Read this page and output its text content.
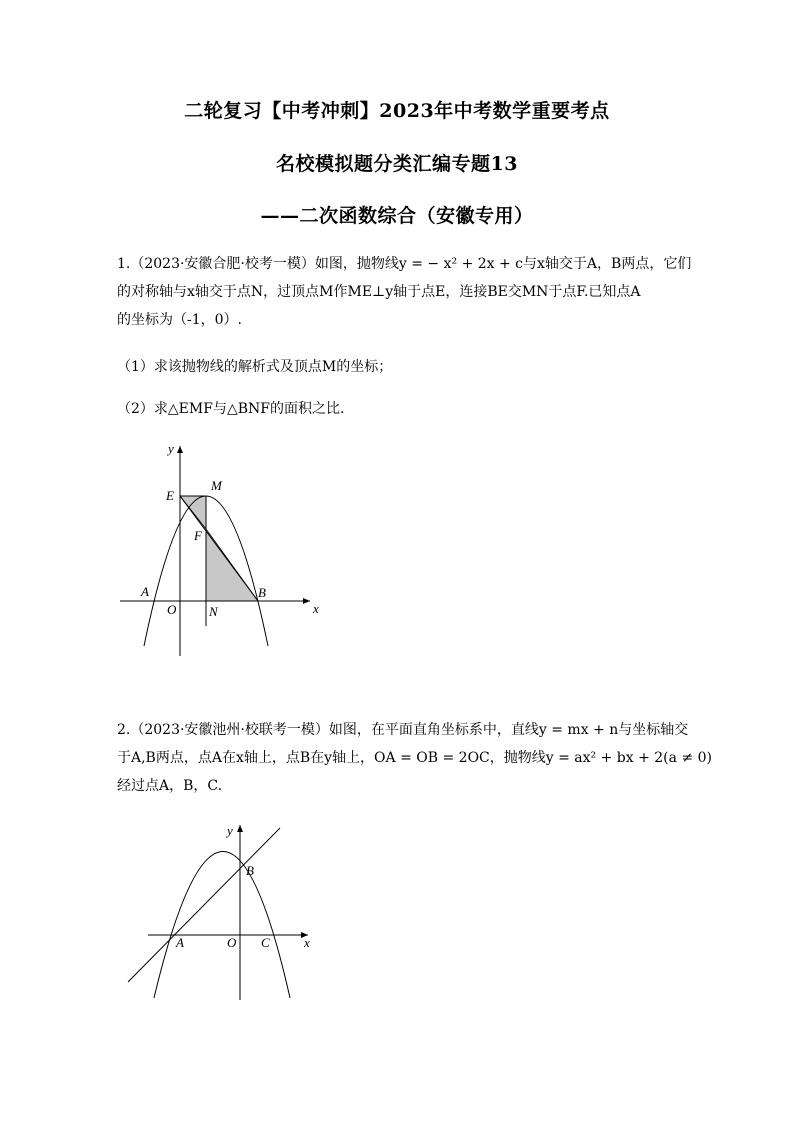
二轮复习【中考冲刺】2023年中考数学重要考点
名校模拟题分类汇编专题13
——二次函数综合（安徽专用）
1.（2023·安徽合肥·校考一模）如图，抛物线y = − x² + 2x + c与x轴交于A，B两点，它们
的对称轴与x轴交于点N，过顶点M作ME⊥y轴于点E，连接BE交MN于点F.已知点A
的坐标为（-1，0）.
（1）求该抛物线的解析式及顶点M的坐标；
（2）求△EMF与△BNF的面积之比.
y
x
E
M
F
A
O	N
B
2.（2023·安徽池州·校联考一模）如图，在平面直角坐标系中，直线y = mx + n与坐标轴交
于A,B两点，点A在x轴上，点B在y轴上，OA = OB = 2OC，抛物线y = ax² + bx + 2(a ≠ 0)
经过点A，B，C.
y
x
B
A	O C
